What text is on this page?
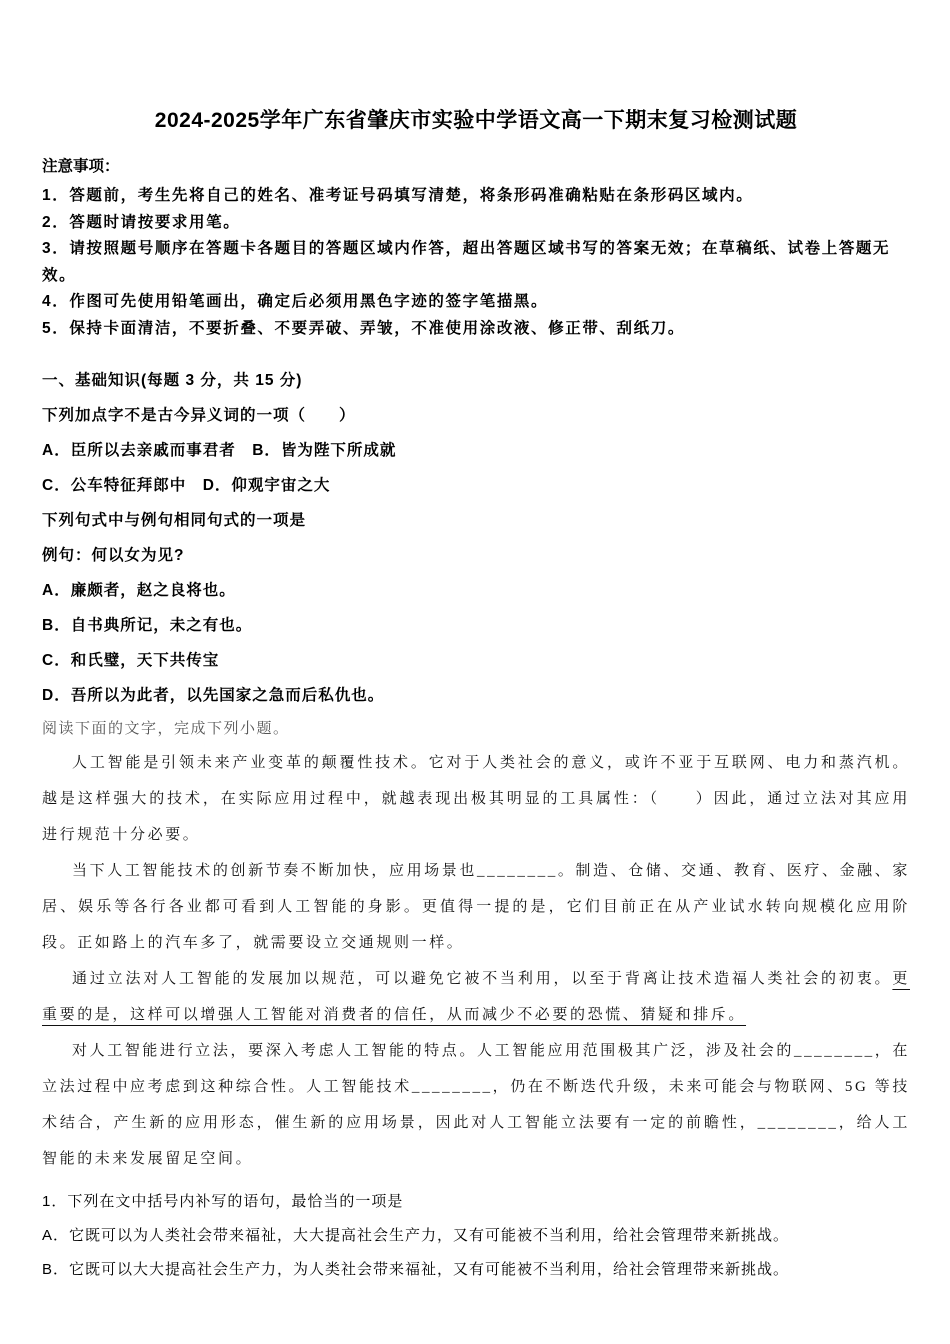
2024-2025学年广东省肇庆市实验中学语文高一下期末复习检测试题
注意事项：
1．答题前，考生先将自己的姓名、准考证号码填写清楚，将条形码准确粘贴在条形码区域内。
2．答题时请按要求用笔。
3．请按照题号顺序在答题卡各题目的答题区域内作答，超出答题区域书写的答案无效；在草稿纸、试卷上答题无效。
4．作图可先使用铅笔画出，确定后必须用黑色字迹的签字笔描黑。
5．保持卡面清洁，不要折叠、不要弄破、弄皱，不准使用涂改液、修正带、刮纸刀。
一、基础知识(每题 3 分，共 15 分)
下列加点字不是古今异义词的一项（　　）
A．臣所以去亲戚而事君者　B．皆为陛下所成就
C．公车特征拜郎中　D．仰观宇宙之大
下列句式中与例句相同句式的一项是
例句：何以女为见?
A．廉颇者，赵之良将也。
B．自书典所记，未之有也。
C．和氏璧，天下共传宝
D．吾所以为此者，以先国家之急而后私仇也。
阅读下面的文字，完成下列小题。

人工智能是引领未来产业变革的颠覆性技术。它对于人类社会的意义，或许不亚于互联网、电力和蒸汽机。越是这样强大的技术，在实际应用过程中，就越表现出极其明显的工具属性：（　　）因此，通过立法对其应用进行规范十分必要。

当下人工智能技术的创新节奏不断加快，应用场景也________。制造、仓储、交通、教育、医疗、金融、家居、娱乐等各行各业都可看到人工智能的身影。更值得一提的是，它们目前正在从产业试水转向规模化应用阶段。正如路上的汽车多了，就需要设立交通规则一样。

通过立法对人工智能的发展加以规范，可以避免它被不当利用，以至于背离让技术造福人类社会的初衷。更重要的是，这样可以增强人工智能对消费者的信任，从而减少不必要的恐慌、猜疑和排斥。

对人工智能进行立法，要深入考虑人工智能的特点。人工智能应用范围极其广泛，涉及社会的________，在立法过程中应考虑到这种综合性。人工智能技术________，仍在不断迭代升级，未来可能会与物联网、5G 等技术结合，产生新的应用形态，催生新的应用场景，因此对人工智能立法要有一定的前瞻性，________，给人工智能的未来发展留足空间。

1．下列在文中括号内补写的语句，最恰当的一项是
A．它既可以为人类社会带来福祉，大大提高社会生产力，又有可能被不当利用，给社会管理带来新挑战。
B．它既可以大大提高社会生产力，为人类社会带来福祉，又有可能被不当利用，给社会管理带来新挑战。
